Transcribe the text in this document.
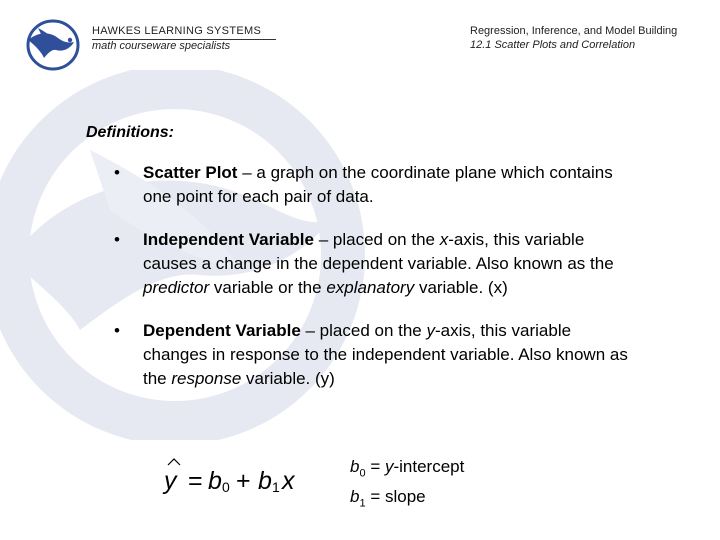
HAWKES LEARNING SYSTEMS
math courseware specialists
Regression, Inference, and Model Building
12.1 Scatter Plots and Correlation
Definitions:
• Scatter Plot – a graph on the coordinate plane which contains one point for each pair of data.
• Independent Variable – placed on the x-axis, this variable causes a change in the dependent variable. Also known as the predictor variable or the explanatory variable. (x)
• Dependent Variable – placed on the y-axis, this variable changes in response to the independent variable. Also known as the response variable. (y)
y = b 0 + b 1 x
$b_0$ = y-intercept
$b_1$ = slope
